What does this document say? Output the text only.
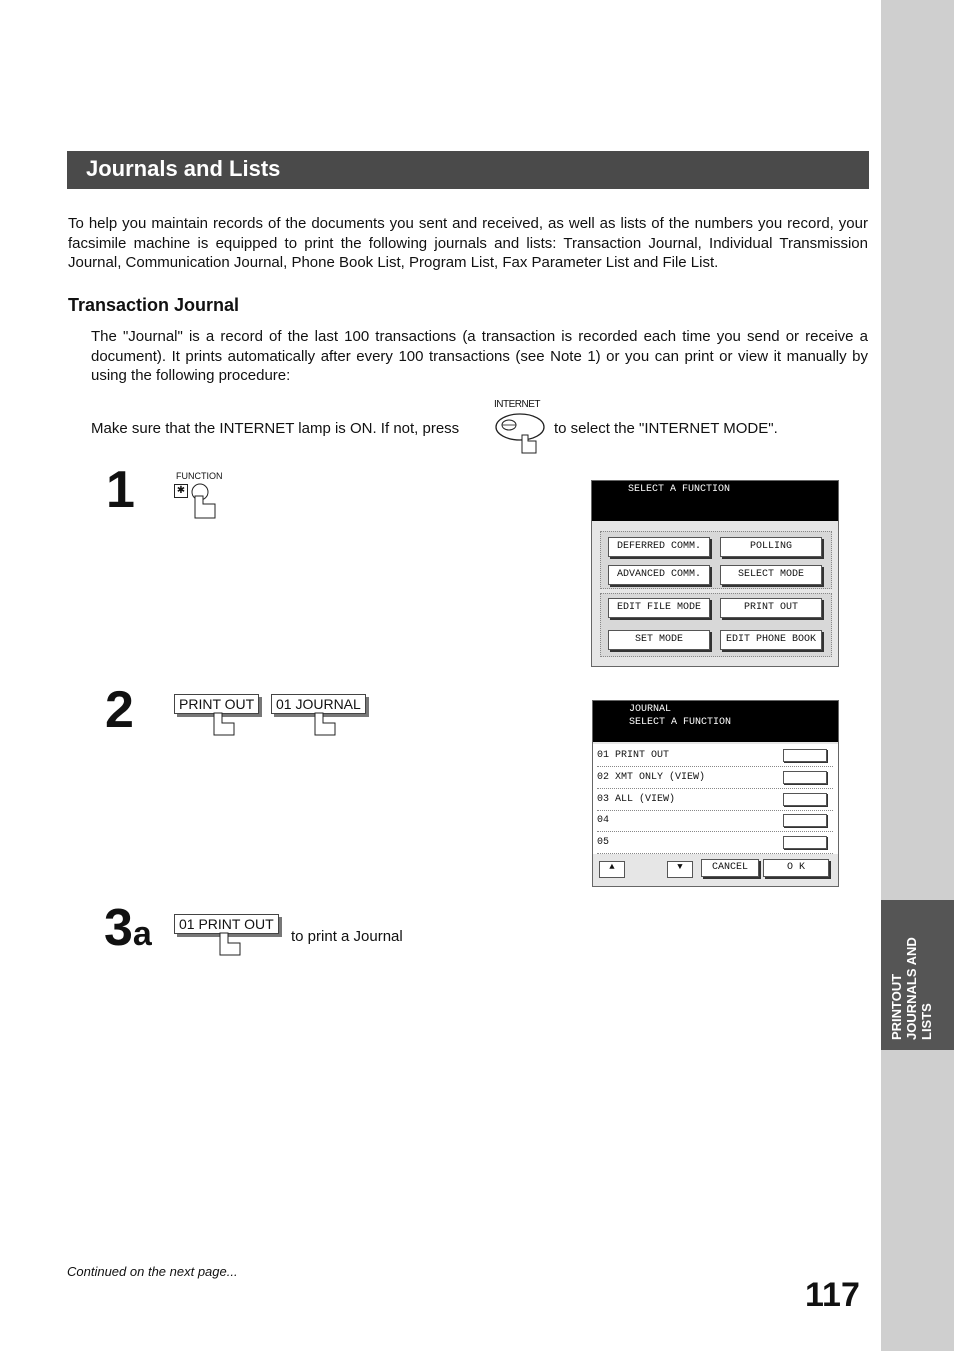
PRINTOUT JOURNALS AND LISTS
Journals and Lists
To help you maintain records of the documents you sent and received, as well as lists of the numbers you record, your facsimile machine is equipped to print the following journals and lists: Transaction Journal, Individual Transmission Journal, Communication Journal, Phone Book List, Program List, Fax Parameter List and File List.
Transaction Journal
The "Journal" is a record of the last 100 transactions (a transaction is recorded each time you send or receive a document). It prints automatically after every 100 transactions (see Note 1) or you can print or view it manually by using the following procedure:
Make sure that the INTERNET lamp is ON. If not, press
INTERNET
to select the "INTERNET MODE".
1	FUNCTION
✱	SELECT A FUNCTION
DEFERRED COMM.	POLLING
ADVANCED COMM.	SELECT MODE
EDIT FILE MODE	PRINT OUT
SET MODE	EDIT PHONE BOOK
2	PRINT OUT	01 JOURNAL	JOURNAL
SELECT A FUNCTION
01 PRINT OUT
02 XMT ONLY (VIEW)
03 ALL (VIEW)
04
05
▲	▼	CANCEL	O K
3a	01 PRINT OUT
to print a Journal
Continued on the next page...
117
